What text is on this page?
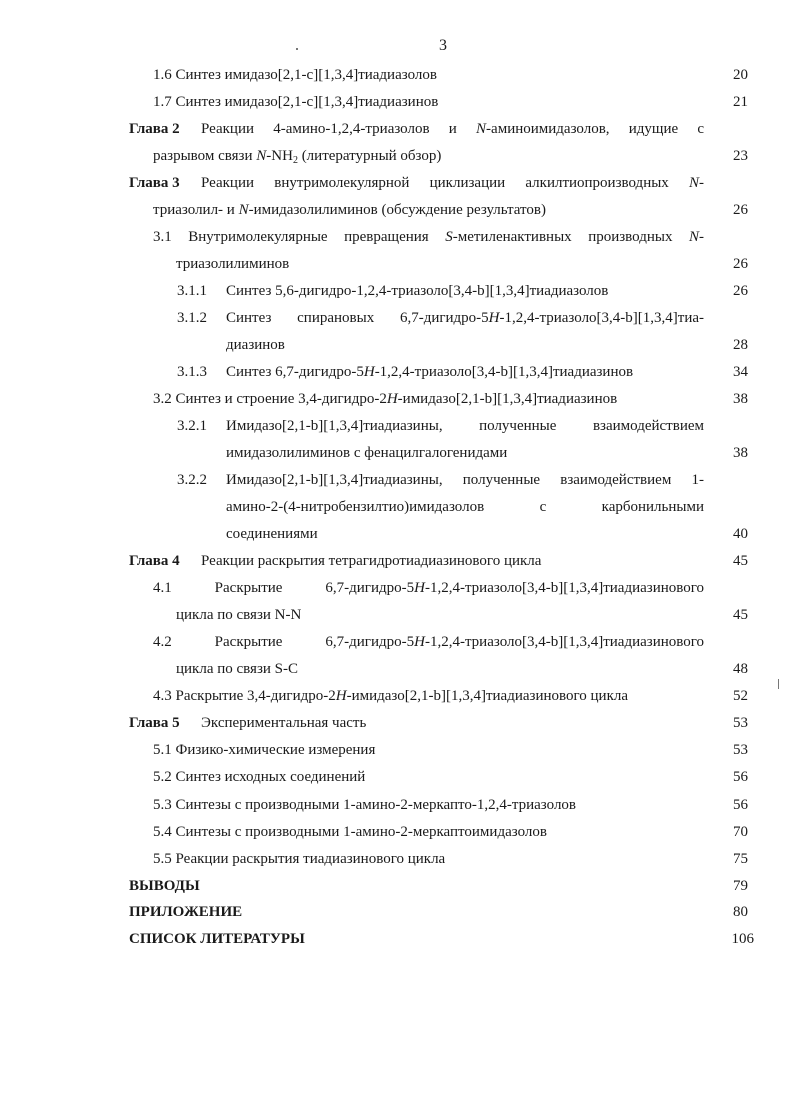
3
1.6 Синтез имидазо[2,1-c][1,3,4]тиадиазолов	20
1.7 Синтез имидазо[2,1-c][1,3,4]тиадиазинов	21
Глава 2 Реакции 4-амино-1,2,4-триазолов и N-аминоимидазолов, идущие с
разрывом связи $N-NH_2$ (литературный обзор)	23
Глава 3 Реакции внутримолекулярной циклизации алкилтиопроизводных N-
триазолил- и N-имидазолилиминов (обсуждение результатов)	26
3.1 Внутримолекулярные превращения S-метиленактивных производных N-
триазолилиминов	26
3.1.1 Синтез 5,6-дигидро-1,2,4-триазоло[3,4-b][1,3,4]тиадиазолов	26
3.1.2 Синтез спирановых 6,7-дигидро-5H-1,2,4-триазоло[3,4-b][1,3,4]тиа-
диазинов	28
3.1.3 Синтез 6,7-дигидро-5H-1,2,4-триазоло[3,4-b][1,3,4]тиадиазинов	34
3.2 Синтез и строение 3,4-дигидро-2H-имидазо[2,1-b][1,3,4]тиадиазинов	38
3.2.1 Имидазо[2,1-b][1,3,4]тиадиазины, полученные взаимодействием
имидазолилиминов с фенацилгалогенидами	38
3.2.2 Имидазо[2,1-b][1,3,4]тиадиазины, полученные взаимодействием 1-
амино-2-(4-нитробензилтио)имидазолов	с	карбонильными
соединениями	40
Глава 4 Реакции раскрытия тетрагидротиадиазинового цикла	45
4.1 Раскрытие	6,7-дигидро-5H-1,2,4-триазоло[3,4-b][1,3,4]тиадиазинового
цикла по связи N-N	45
4.2 Раскрытие	6,7-дигидро-5H-1,2,4-триазоло[3,4-b][1,3,4]тиадиазинового
цикла по связи S-C	48
4.3 Раскрытие 3,4-дигидро-2H-имидазо[2,1-b][1,3,4]тиадиазинового цикла	52
Глава 5 Экспериментальная часть	53
5.1 Физико-химические измерения	53
5.2 Синтез исходных соединений	56
5.3 Синтезы с производными 1-амино-2-меркапто-1,2,4-триазолов	56
5.4 Синтезы с производными 1-амино-2-меркаптоимидазолов	70
5.5 Реакции раскрытия тиадиазинового цикла	75
ВЫВОДЫ	79
ПРИЛОЖЕНИЕ	80
СПИСОК ЛИТЕРАТУРЫ	106
